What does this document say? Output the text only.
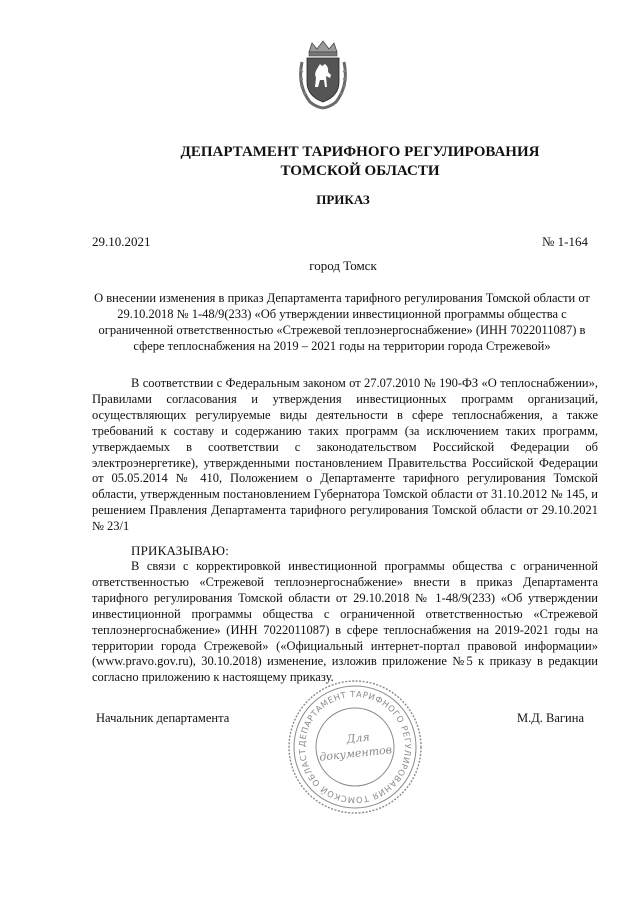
ДЕПАРТАМЕНТ ТАРИФНОГО РЕГУЛИРОВАНИЯ
ТОМСКОЙ ОБЛАСТИ
ПРИКАЗ
29.10.2021	№ 1-164
город Томск
О внесении изменения в приказ Департамента тарифного регулирования Томской области от 29.10.2018 № 1-48/9(233) «Об утверждении инвестиционной программы общества с ограниченной ответственностью «Стрежевой теплоэнергоснабжение» (ИНН 7022011087) в сфере теплоснабжения на 2019 – 2021 годы на территории города Стрежевой»

В соответствии с Федеральным законом от 27.07.2010 № 190-ФЗ «О теплоснабжении», Правилами согласования и утверждения инвестиционных программ организаций, осуществляющих регулируемые виды деятельности в сфере теплоснабжения, а также требований к составу и содержанию таких программ (за исключением таких программ, утверждаемых в соответствии с законодательством Российской Федерации об электроэнергетике), утвержденными постановлением Правительства Российской Федерации от 05.05.2014 № 410, Положением о Департаменте тарифного регулирования Томской области, утвержденным постановлением Губернатора Томской области от 31.10.2012 № 145, и решением Правления Департамента тарифного регулирования Томской области от 29.10.2021 № 23/1

ПРИКАЗЫВАЮ:

В связи с корректировкой инвестиционной программы общества с ограниченной ответственностью «Стрежевой теплоэнергоснабжение» внести в приказ Департамента тарифного регулирования Томской области от 29.10.2018 № 1-48/9(233) «Об утверждении инвестиционной программы общества с ограниченной ответственностью «Стрежевой теплоэнергоснабжение» (ИНН 7022011087) в сфере теплоснабжения на 2019-2021 годы на территории города Стрежевой» («Официальный интернет-портал правовой информации» (www.pravo.gov.ru), 30.10.2018) изменение, изложив приложение №5 к приказу в редакции согласно приложению к настоящему приказу.

Начальник департамента	М.Д. Вагина
ДЕПАРТАМЕНТ ТАРИФНОГО РЕГУЛИРОВАНИЯ ТОМСКОЙ ОБЛАСТ
Для
документов
